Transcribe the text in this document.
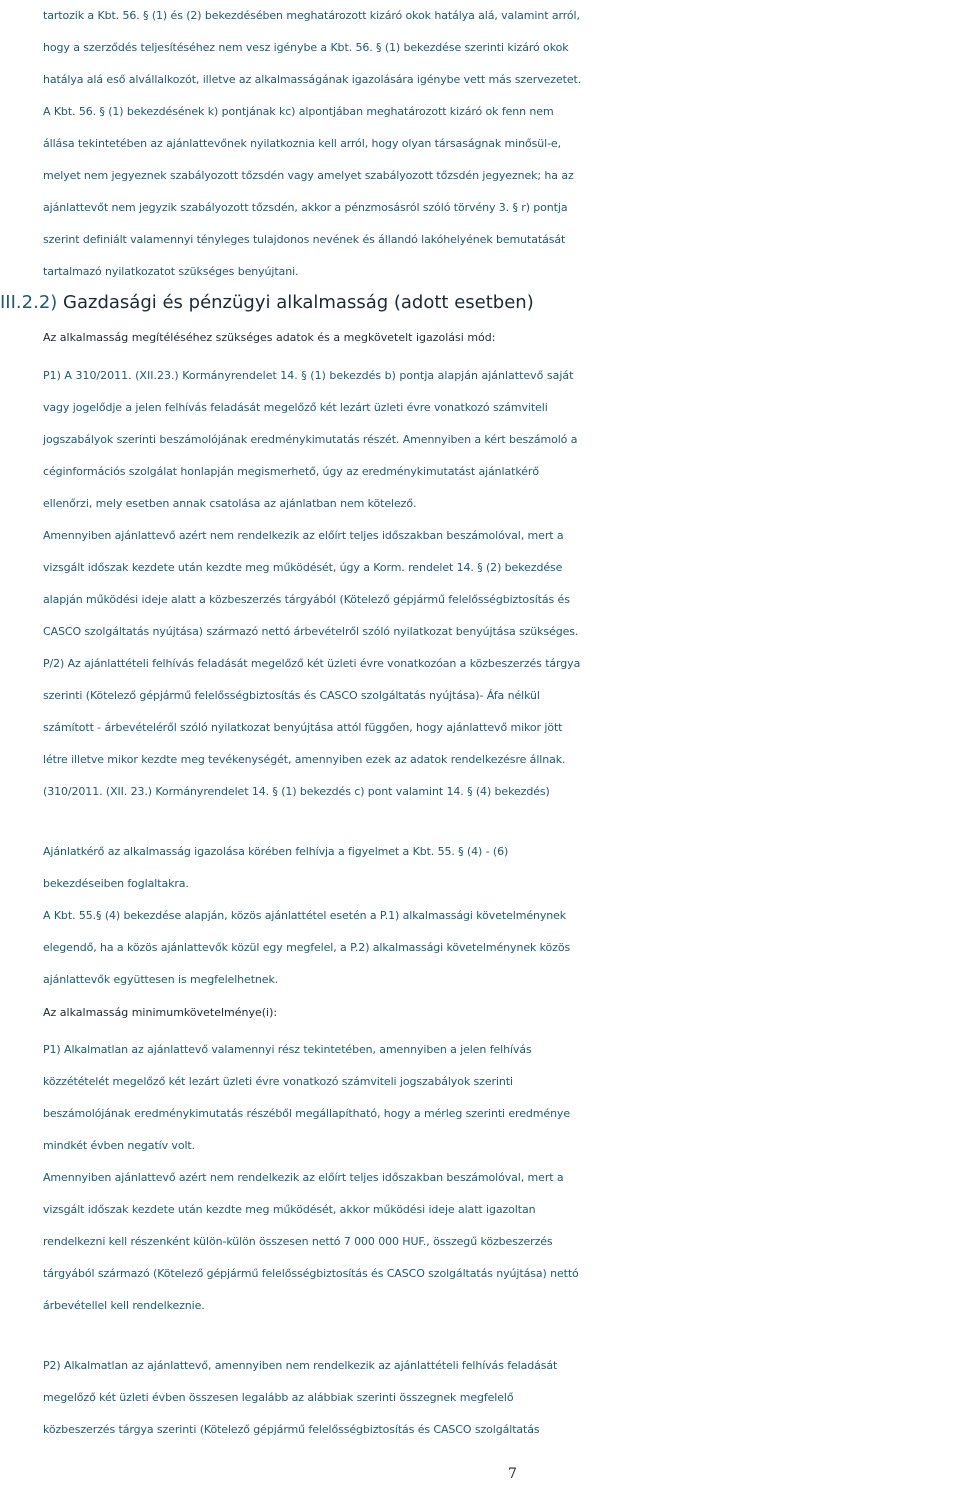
tartozik a Kbt. 56. § (1) és (2) bekezdésében meghatározott kizáró okok hatálya alá, valamint arról,
hogy a szerződés teljesítéséhez nem vesz igénybe a Kbt. 56. § (1) bekezdése szerinti kizáró okok
hatálya alá eső alvállalkozót, illetve az alkalmasságának igazolására igénybe vett más szervezetet.
A Kbt. 56. § (1) bekezdésének k) pontjának kc) alpontjában meghatározott kizáró ok fenn nem
állása tekintetében az ajánlattevőnek nyilatkoznia kell arról, hogy olyan társaságnak minősül-e,
melyet nem jegyeznek szabályozott tőzsdén vagy amelyet szabályozott tőzsdén jegyeznek; ha az
ajánlattevőt nem jegyzik szabályozott tőzsdén, akkor a pénzmosásról szóló törvény 3. § r) pontja
szerint definiált valamennyi tényleges tulajdonos nevének és állandó lakóhelyének bemutatását
tartalmazó nyilatkozatot szükséges benyújtani.
III.2.2) Gazdasági és pénzügyi alkalmasság (adott esetben)
Az alkalmasság megítéléséhez szükséges adatok és a megkövetelt igazolási mód:
P1) A 310/2011. (XII.23.) Kormányrendelet 14. § (1) bekezdés b) pontja alapján ajánlattevő saját
vagy jogelődje a jelen felhívás feladását megelőző két lezárt üzleti évre vonatkozó számviteli
jogszabályok szerinti beszámolójának eredménykimutatás részét. Amennyiben a kért beszámoló a
céginformációs szolgálat honlapján megismerhető, úgy az eredménykimutatást ajánlatkérő
ellenőrzi, mely esetben annak csatolása az ajánlatban nem kötelező.
Amennyiben ajánlattevő azért nem rendelkezik az előírt teljes időszakban beszámolóval, mert a
vizsgált időszak kezdete után kezdte meg működését, úgy a Korm. rendelet 14. § (2) bekezdése
alapján működési ideje alatt a közbeszerzés tárgyából (Kötelező gépjármű felelősségbiztosítás és
CASCO szolgáltatás nyújtása) származó nettó árbevételről szóló nyilatkozat benyújtása szükséges.
P/2) Az ajánlattételi felhívás feladását megelőző két üzleti évre vonatkozóan a közbeszerzés tárgya
szerinti (Kötelező gépjármű felelősségbiztosítás és CASCO szolgáltatás nyújtása)- Áfa nélkül
számított - árbevételéről szóló nyilatkozat benyújtása attól függően, hogy ajánlattevő mikor jött
létre illetve mikor kezdte meg tevékenységét, amennyiben ezek az adatok rendelkezésre állnak.
(310/2011. (XII. 23.) Kormányrendelet 14. § (1) bekezdés c) pont valamint 14. § (4) bekezdés)
Ajánlatkérő az alkalmasság igazolása körében felhívja a figyelmet a Kbt. 55. § (4) - (6)
bekezdéseiben foglaltakra.
A Kbt. 55.§ (4) bekezdése alapján, közös ajánlattétel esetén a P.1) alkalmassági követelménynek
elegendő, ha a közös ajánlattevők közül egy megfelel, a P.2) alkalmassági követelménynek közös
ajánlattevők együttesen is megfelelhetnek.
Az alkalmasság minimumkövetelménye(i):
P1) Alkalmatlan az ajánlattevő valamennyi rész tekintetében, amennyiben a jelen felhívás
közzétételét megelőző két lezárt üzleti évre vonatkozó számviteli jogszabályok szerinti
beszámolójának eredménykimutatás részéből megállapítható, hogy a mérleg szerinti eredménye
mindkét évben negatív volt.
Amennyiben ajánlattevő azért nem rendelkezik az előírt teljes időszakban beszámolóval, mert a
vizsgált időszak kezdete után kezdte meg működését, akkor működési ideje alatt igazoltan
rendelkezni kell részenként külön-külön összesen nettó 7 000 000 HUF., összegű közbeszerzés
tárgyából származó (Kötelező gépjármű felelősségbiztosítás és CASCO szolgáltatás nyújtása) nettó
árbevétellel kell rendelkeznie.
P2) Alkalmatlan az ajánlattevő, amennyiben nem rendelkezik az ajánlattételi felhívás feladását
megelőző két üzleti évben összesen legalább az alábbiak szerinti összegnek megfelelő
közbeszerzés tárgya szerinti (Kötelező gépjármű felelősségbiztosítás és CASCO szolgáltatás
7
